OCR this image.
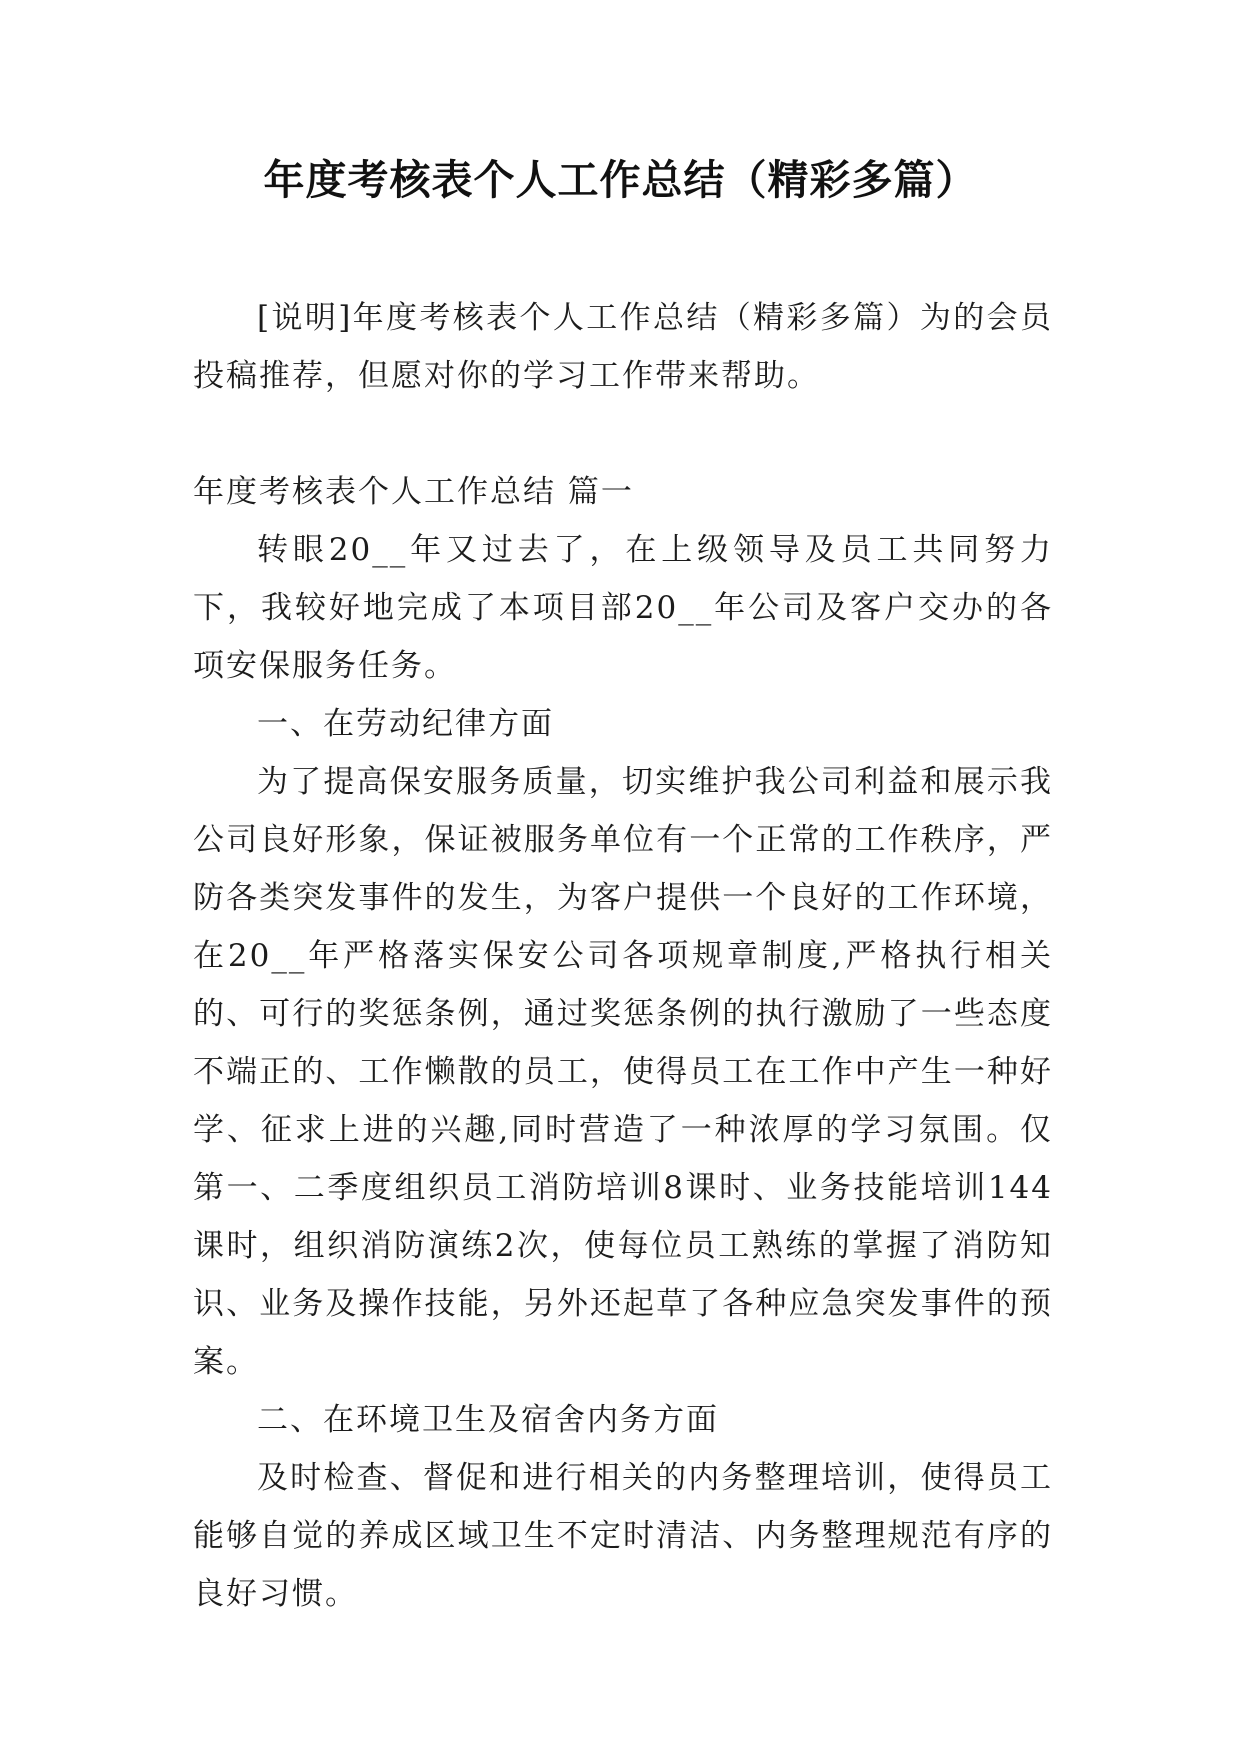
年度考核表个人工作总结（精彩多篇）

[说明]年度考核表个人工作总结（精彩多篇）为的会员投稿推荐，但愿对你的学习工作带来帮助。

年度考核表个人工作总结 篇一

转眼20__年又过去了，在上级领导及员工共同努力下，我较好地完成了本项目部20__年公司及客户交办的各项安保服务任务。

一、在劳动纪律方面

为了提高保安服务质量，切实维护我公司利益和展示我公司良好形象，保证被服务单位有一个正常的工作秩序，严防各类突发事件的发生，为客户提供一个良好的工作环境，在20__年严格落实保安公司各项规章制度,严格执行相关的、可行的奖惩条例，通过奖惩条例的执行激励了一些态度不端正的、工作懒散的员工，使得员工在工作中产生一种好学、征求上进的兴趣,同时营造了一种浓厚的学习氛围。仅第一、二季度组织员工消防培训8课时、业务技能培训144课时，组织消防演练2次，使每位员工熟练的掌握了消防知识、业务及操作技能，另外还起草了各种应急突发事件的预案。

二、在环境卫生及宿舍内务方面

及时检查、督促和进行相关的内务整理培训，使得员工能够自觉的养成区域卫生不定时清洁、内务整理规范有序的良好习惯。
